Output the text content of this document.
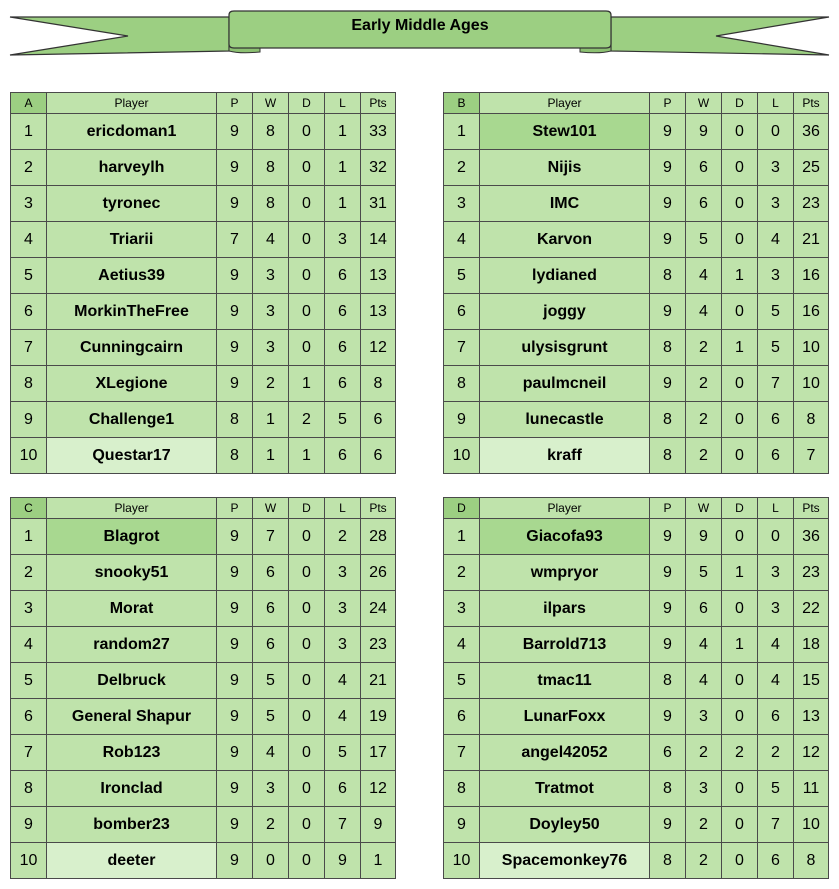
Early Middle Ages
A	Player	P	W	D	L	Pts
1	ericdoman1	9	8	0	1	33
2	harveylh	9	8	0	1	32
3	tyronec	9	8	0	1	31
4	Triarii	7	4	0	3	14
5	Aetius39	9	3	0	6	13
6	MorkinTheFree	9	3	0	6	13
7	Cunningcairn	9	3	0	6	12
8	XLegione	9	2	1	6	8
9	Challenge1	8	1	2	5	6
10	Questar17	8	1	1	6	6
B	Player	P	W	D	L	Pts
1	Stew101	9	9	0	0	36
2	Nijis	9	6	0	3	25
3	IMC	9	6	0	3	23
4	Karvon	9	5	0	4	21
5	lydianed	8	4	1	3	16
6	joggy	9	4	0	5	16
7	ulysisgrunt	8	2	1	5	10
8	paulmcneil	9	2	0	7	10
9	lunecastle	8	2	0	6	8
10	kraff	8	2	0	6	7
C	Player	P	W	D	L	Pts
1	Blagrot	9	7	0	2	28
2	snooky51	9	6	0	3	26
3	Morat	9	6	0	3	24
4	random27	9	6	0	3	23
5	Delbruck	9	5	0	4	21
6	General Shapur	9	5	0	4	19
7	Rob123	9	4	0	5	17
8	Ironclad	9	3	0	6	12
9	bomber23	9	2	0	7	9
10	deeter	9	0	0	9	1
D	Player	P	W	D	L	Pts
1	Giacofa93	9	9	0	0	36
2	wmpryor	9	5	1	3	23
3	ilpars	9	6	0	3	22
4	Barrold713	9	4	1	4	18
5	tmac11	8	4	0	4	15
6	LunarFoxx	9	3	0	6	13
7	angel42052	6	2	2	2	12
8	Tratmot	8	3	0	5	11
9	Doyley50	9	2	0	7	10
10	Spacemonkey76	8	2	0	6	8
